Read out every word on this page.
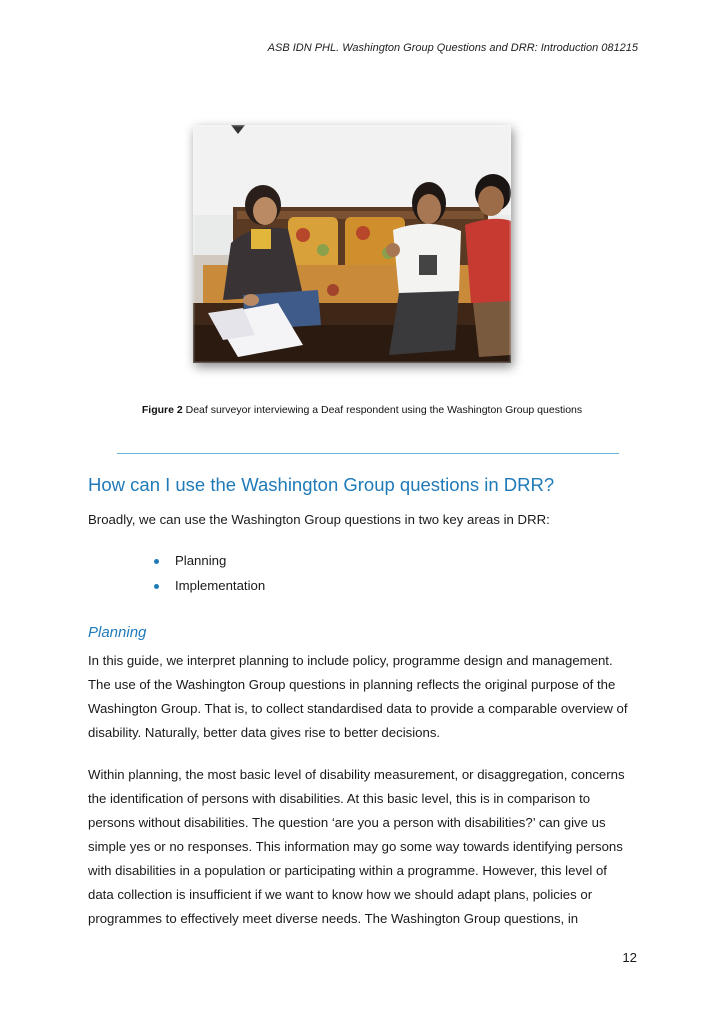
ASB IDN PHL. Washington Group Questions and DRR: Introduction 081215
Figure 2 Deaf surveyor interviewing a Deaf respondent using the Washington Group questions
How can I use the Washington Group questions in DRR?
Broadly, we can use the Washington Group questions in two key areas in DRR:
Planning
Implementation
Planning

In this guide, we interpret planning to include policy, programme design and management.
The use of the Washington Group questions in planning reflects the original purpose of the
Washington Group. That is, to collect standardised data to provide a comparable overview of
disability. Naturally, better data gives rise to better decisions.

Within planning, the most basic level of disability measurement, or disaggregation, concerns
the identification of persons with disabilities. At this basic level, this is in comparison to
persons without disabilities. The question ‘are you a person with disabilities?’ can give us
simple yes or no responses. This information may go some way towards identifying persons
with disabilities in a population or participating within a programme. However, this level of
data collection is insufficient if we want to know how we should adapt plans, policies or
programmes to effectively meet diverse needs. The Washington Group questions, in

12
